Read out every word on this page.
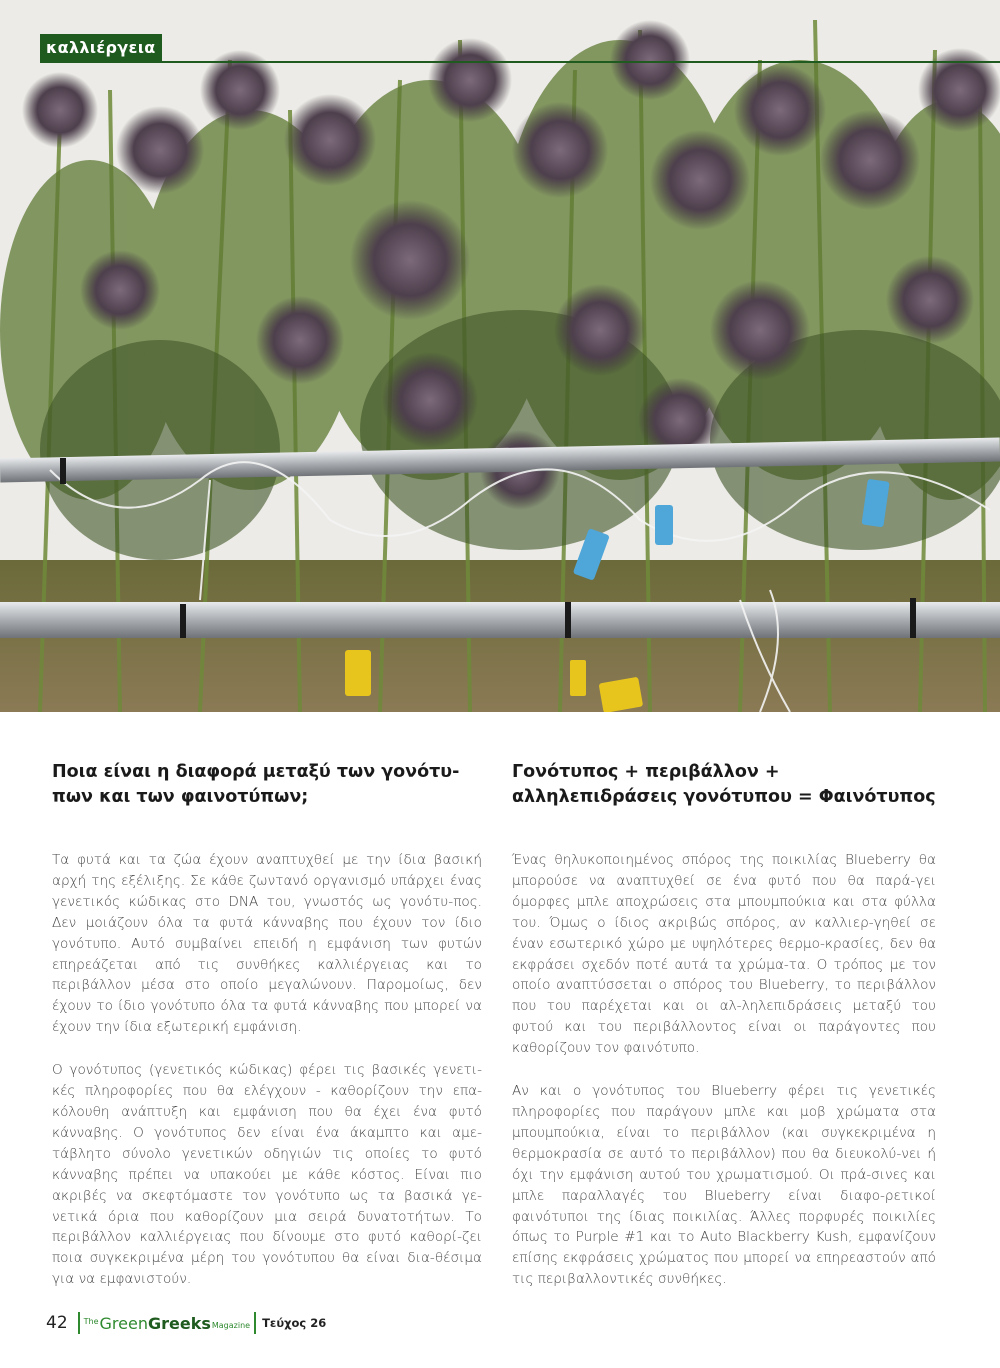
καλλιέργεια
Ποια είναι η διαφορά μεταξύ των γονότυ-πων και των φαινοτύπων;

Τα φυτά και τα ζώα έχουν αναπτυχθεί με την ίδια βασική αρχή της εξέλιξης. Σε κάθε ζωντανό οργανισμό υπάρχει ένας γενετικός κώδικας στο DNA του, γνωστός ως γονότυ-πος. Δεν μοιάζουν όλα τα φυτά κάνναβης που έχουν τον ίδιο γονότυπο. Αυτό συμβαίνει επειδή η εμφάνιση των φυτών επηρεάζεται από τις συνθήκες καλλιέργειας και το περιβάλλον μέσα στο οποίο μεγαλώνουν. Παρομοίως, δεν έχουν το ίδιο γονότυπο όλα τα φυτά κάνναβης που μπορεί να έχουν την ίδια εξωτερική εμφάνιση.

Ο γονότυπος (γενετικός κώδικας) φέρει τις βασικές γενετι-κές πληροφορίες που θα ελέγχουν - καθορίζουν την επα-κόλουθη ανάπτυξη και εμφάνιση που θα έχει ένα φυτό κάνναβης. Ο γονότυπος δεν είναι ένα άκαμπτο και αμε-τάβλητο σύνολο γενετικών οδηγιών τις οποίες το φυτό κάνναβης πρέπει να υπακούει με κάθε κόστος. Είναι πιο ακριβές να σκεφτόμαστε τον γονότυπο ως τα βασικά γε-νετικά όρια που καθορίζουν μια σειρά δυνατοτήτων. Το περιβάλλον καλλιέργειας που δίνουμε στο φυτό καθορί-ζει ποια συγκεκριμένα μέρη του γονότυπου θα είναι δια-θέσιμα για να εμφανιστούν.

Γονότυπος + περιβάλλον + αλληλεπιδράσεις γονότυπου = Φαινότυπος

Ένας θηλυκοποιημένος σπόρος της ποικιλίας Blueberry θα μπορούσε να αναπτυχθεί σε ένα φυτό που θα παρά-γει όμορφες μπλε αποχρώσεις στα μπουμπούκια και στα φύλλα του. Όμως ο ίδιος ακριβώς σπόρος, αν καλλιερ-γηθεί σε έναν εσωτερικό χώρο με υψηλότερες θερμο-κρασίες, δεν θα εκφράσει σχεδόν ποτέ αυτά τα χρώμα-τα. Ο τρόπος με τον οποίο αναπτύσσεται ο σπόρος του Blueberry, το περιβάλλον που του παρέχεται και οι αλ-ληλεπιδράσεις μεταξύ του φυτού και του περιβάλλοντος είναι οι παράγοντες που καθορίζουν τον φαινότυπο.

Αν και ο γονότυπος του Blueberry φέρει τις γενετικές πληροφορίες που παράγουν μπλε και μοβ χρώματα στα μπουμπούκια, είναι το περιβάλλον (και συγκεκριμένα η θερμοκρασία σε αυτό το περιβάλλον) που θα διευκολύ-νει ή όχι την εμφάνιση αυτού του χρωματισμού. Οι πρά-σινες και μπλε παραλλαγές του Blueberry είναι διαφο-ρετικοί φαινότυποι της ίδιας ποικιλίας. Άλλες πορφυρές ποικιλίες όπως το Purple #1 και το Auto Blackberry Kush, εμφανίζουν επίσης εκφράσεις χρώματος που μπορεί να επηρεαστούν από τις περιβαλλοντικές συνθήκες.

42 The Green Greeks Magazine Τεύχος 26
